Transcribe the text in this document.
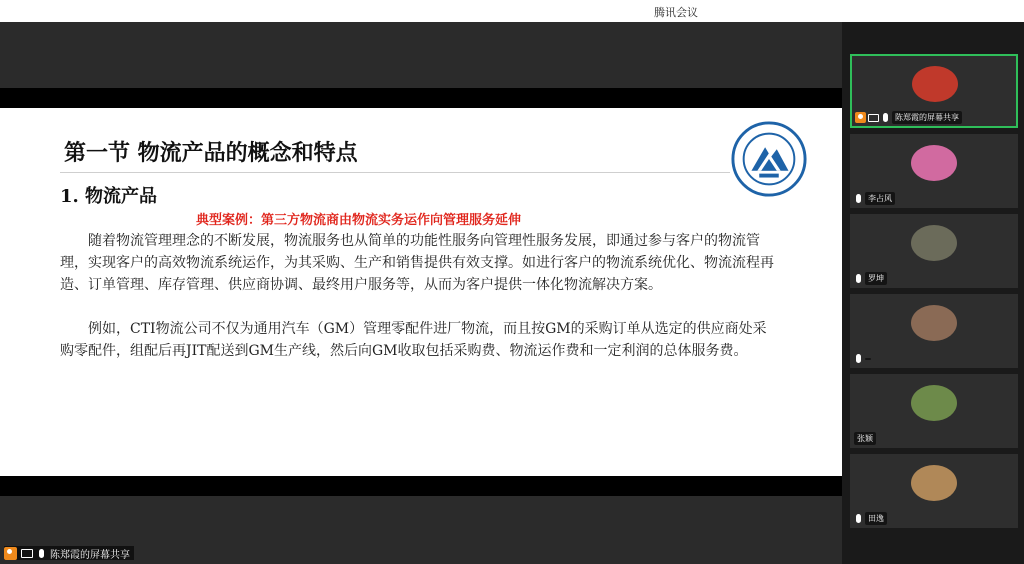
腾讯会议
第一节 物流产品的概念和特点
1. 物流产品
典型案例：第三方物流商由物流实务运作向管理服务延伸

随着物流管理理念的不断发展，物流服务也从简单的功能性服务向管理性服务发展，即通过参与客户的物流管理，实现客户的高效物流系统运作，为其采购、生产和销售提供有效支撑。如进行客户的物流系统优化、物流流程再造、订单管理、库存管理、供应商协调、最终用户服务等，从而为客户提供一体化物流解决方案。

例如，CTI物流公司不仅为通用汽车（GM）管理零配件进厂物流，而且按GM的采购订单从选定的供应商处采购零配件，组配后再JIT配送到GM生产线，然后向GM收取包括采购费、物流运作费和一定利润的总体服务费。

陈郑霞的屏幕共享
陈郑霞的屏幕共享
李占风
罗坤
张颖
田逸
